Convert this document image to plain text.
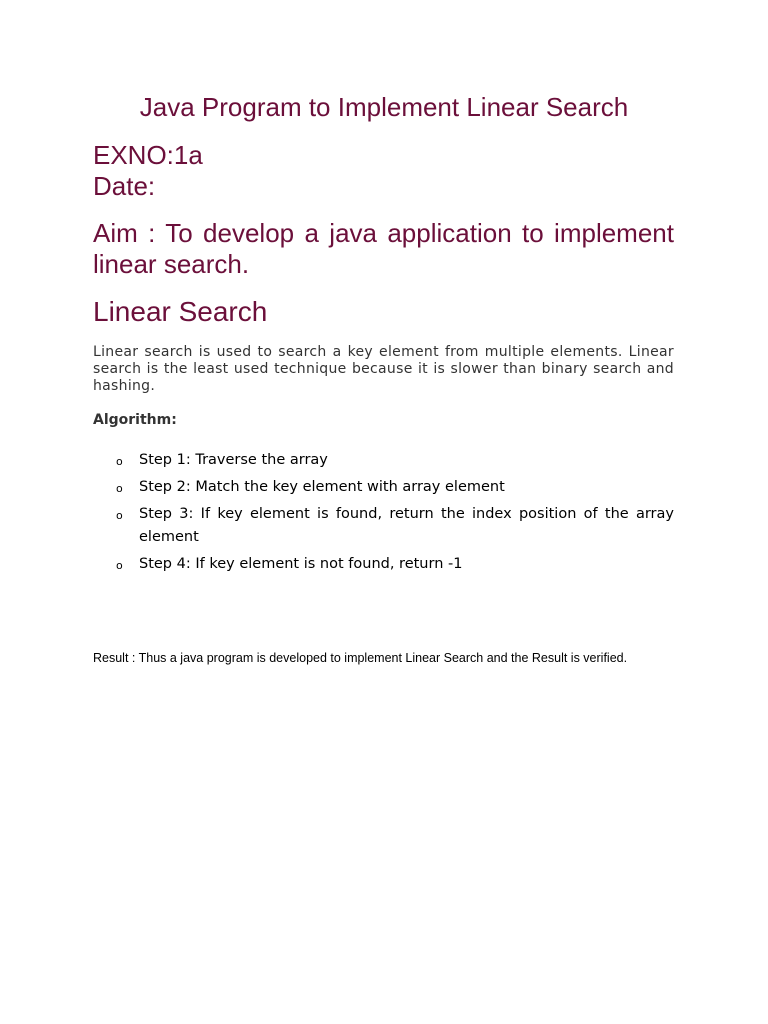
Java Program to Implement Linear Search
EXNO:1a
Date:
Aim : To develop a java application to implement linear search.
Linear Search
Linear search is used to search a key element from multiple elements. Linear search is the least used technique because it is slower than binary search and hashing.
Algorithm:
o Step 1: Traverse the array
o Step 2: Match the key element with array element
o Step 3: If key element is found, return the index position of the array element
o Step 4: If key element is not found, return -1
Result : Thus a java program is developed to implement Linear Search and the Result is verified.
